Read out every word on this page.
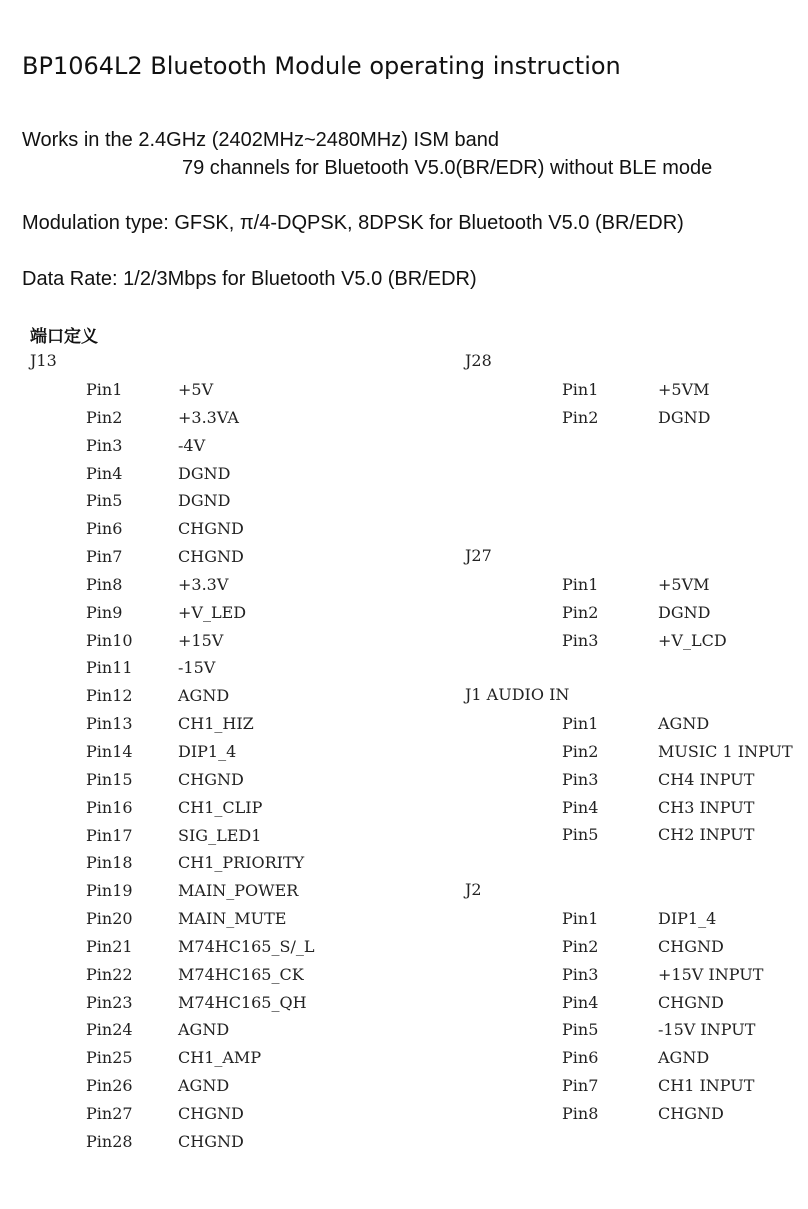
BP1064L2 Bluetooth Module operating instruction
Works in the 2.4GHz (2402MHz~2480MHz) ISM band
79 channels for Bluetooth V5.0(BR/EDR) without BLE mode
Modulation type: GFSK, π/4-DQPSK, 8DPSK for Bluetooth V5.0 (BR/EDR)
Data Rate: 1/2/3Mbps for Bluetooth V5.0 (BR/EDR)
端口定义
J13
Pin1	+5V
Pin2	+3.3VA
Pin3	-4V
Pin4	DGND
Pin5	DGND
Pin6	CHGND
Pin7	CHGND
Pin8	+3.3V
Pin9	+V_LED
Pin10	+15V
Pin11	-15V
Pin12	AGND
Pin13	CH1_HIZ
Pin14	DIP1_4
Pin15	CHGND
Pin16	CH1_CLIP
Pin17	SIG_LED1
Pin18	CH1_PRIORITY
Pin19	MAIN_POWER
Pin20	MAIN_MUTE
Pin21	M74HC165_S/_L
Pin22	M74HC165_CK
Pin23	M74HC165_QH
Pin24	AGND
Pin25	CH1_AMP
Pin26	AGND
Pin27	CHGND
Pin28	CHGND
J28
Pin1	+5VM
Pin2	DGND
J27
Pin1	+5VM
Pin2	DGND
Pin3	+V_LCD
J1 AUDIO IN
Pin1	AGND
Pin2	MUSIC 1 INPUT
Pin3	CH4 INPUT
Pin4	CH3 INPUT
Pin5	CH2 INPUT
J2
Pin1	DIP1_4
Pin2	CHGND
Pin3	+15V INPUT
Pin4	CHGND
Pin5	-15V INPUT
Pin6	AGND
Pin7	CH1 INPUT
Pin8	CHGND
